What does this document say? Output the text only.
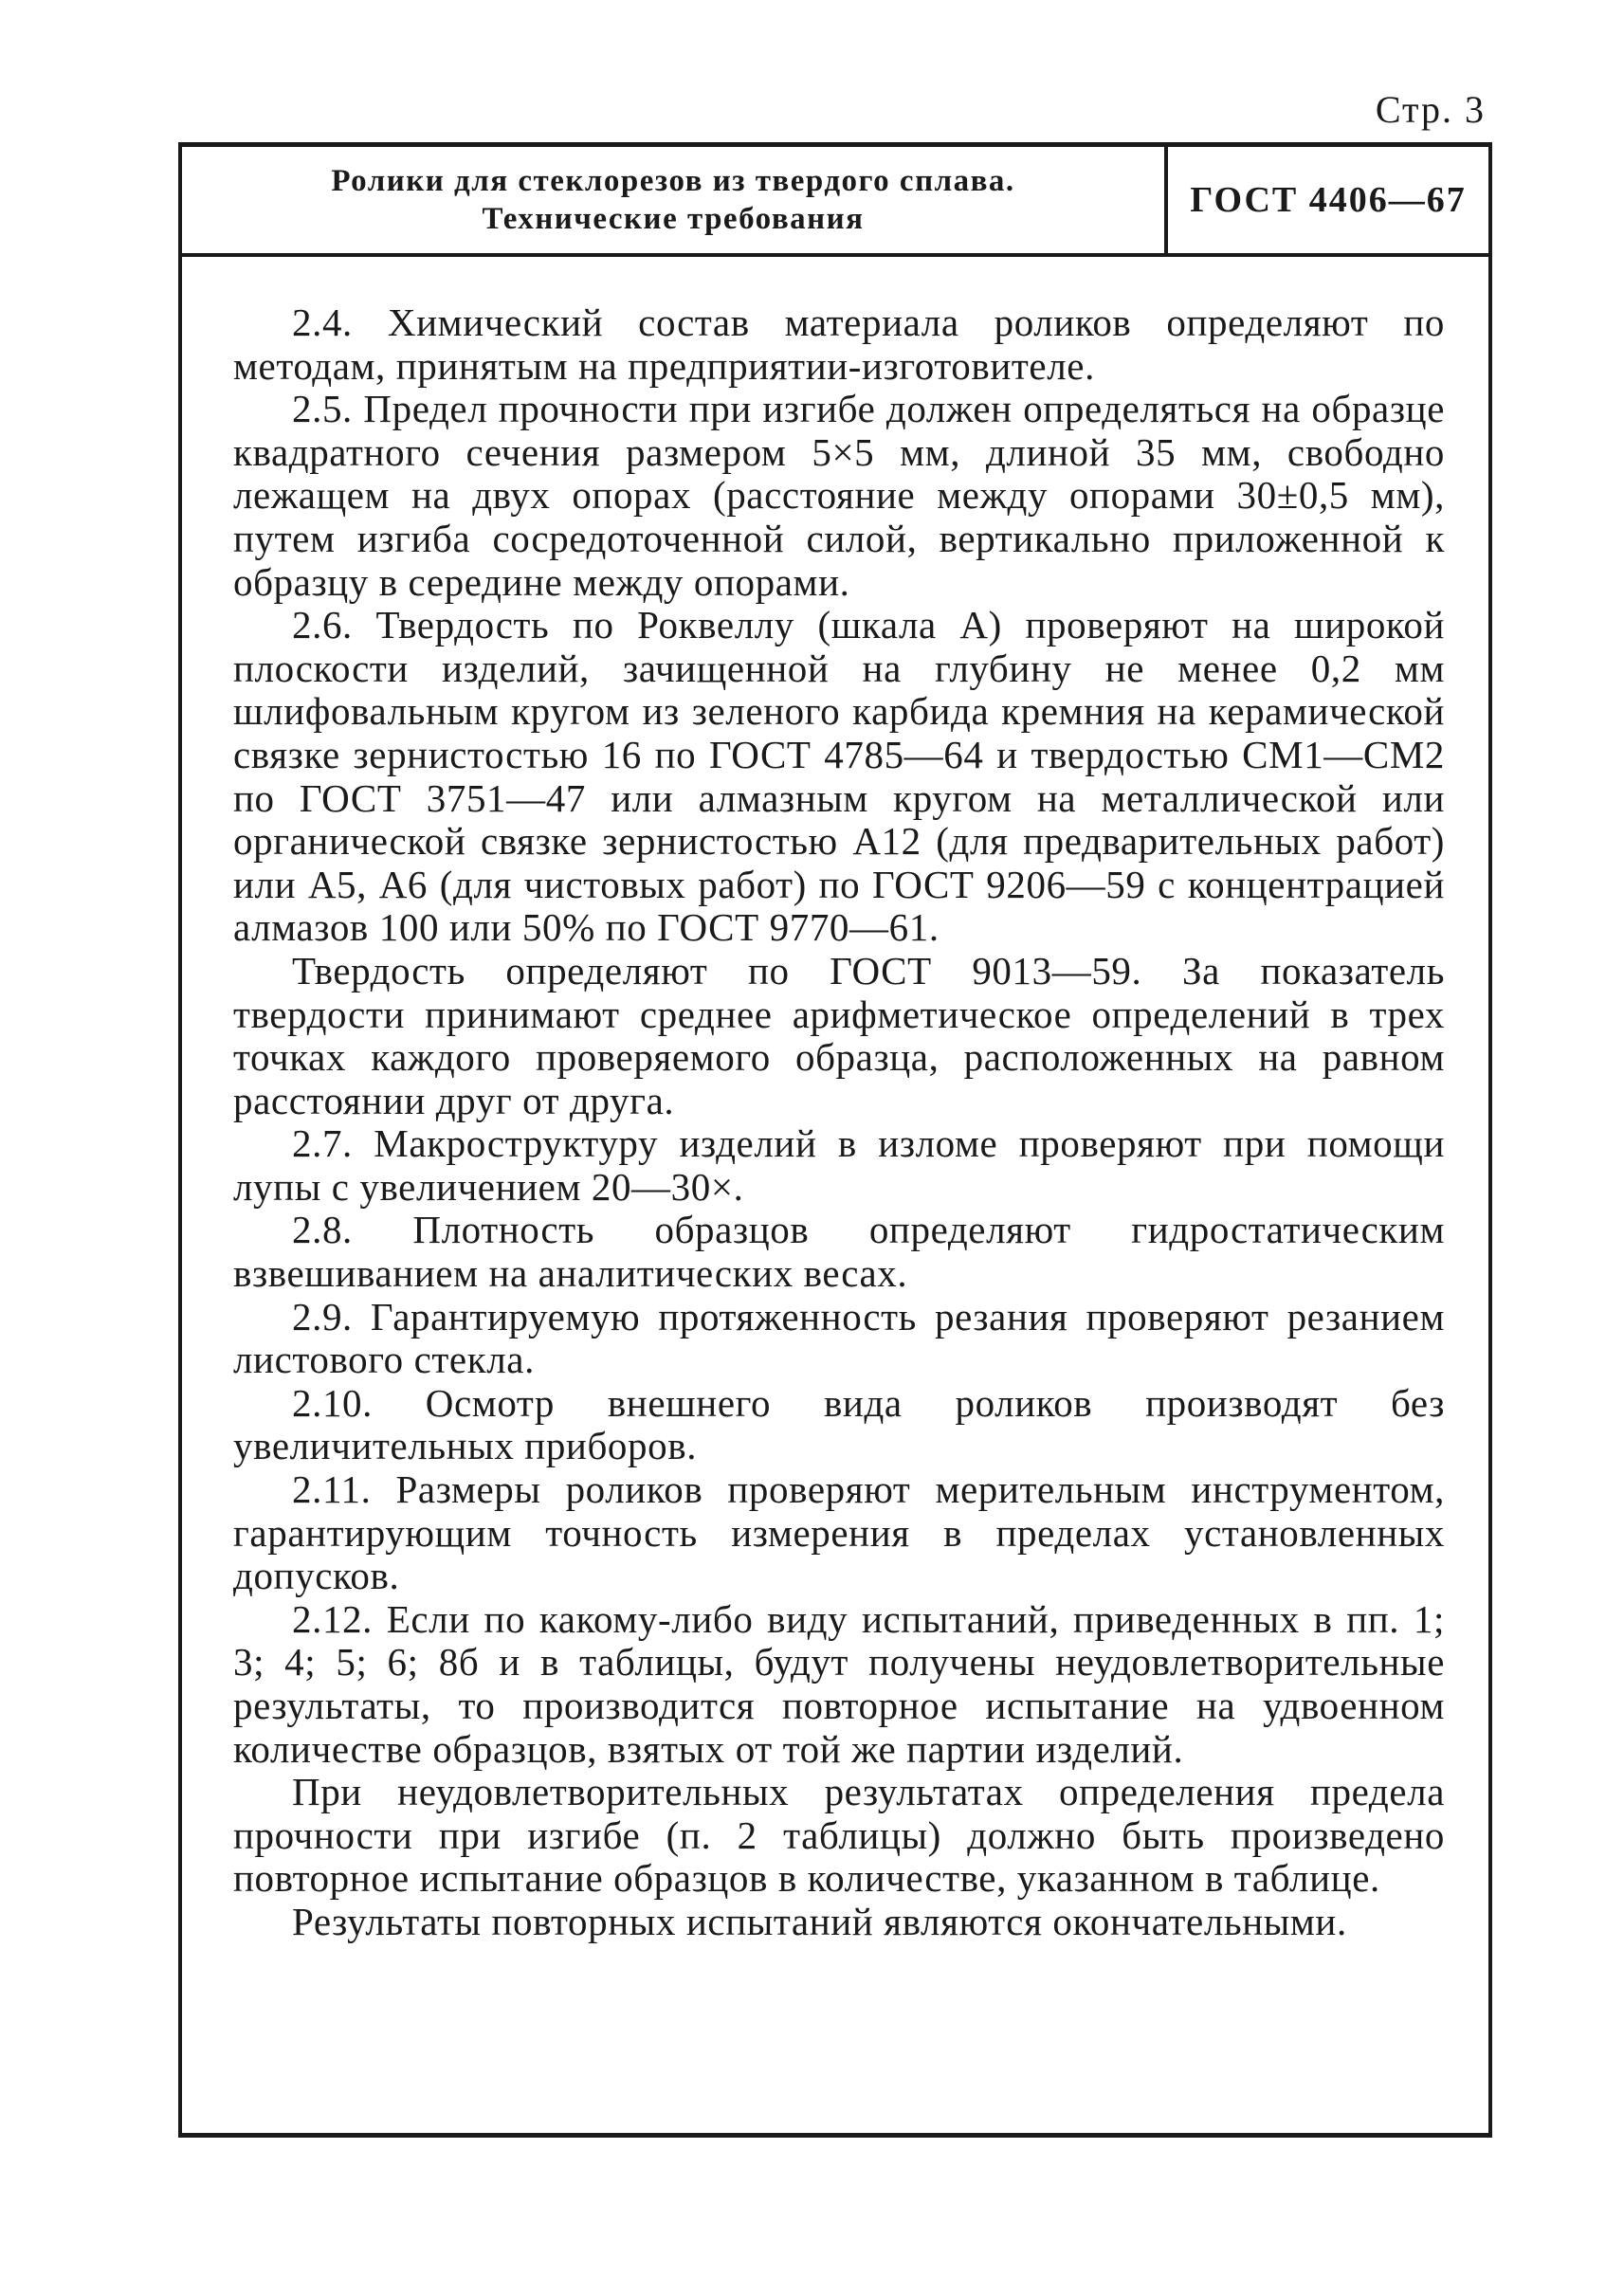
Стр. 3
Ролики для стеклорезов из твердого сплава.
Технические требования	ГОСТ 4406—67

2.4. Химический состав материала роликов определяют по методам, принятым на предприятии-изготовителе.

2.5. Предел прочности при изгибе должен определяться на образце квадратного сечения размером 5×5 мм, длиной 35 мм, свободно лежащем на двух опорах (расстояние между опорами 30±0,5 мм), путем изгиба сосредоточенной силой, вертикально приложенной к образцу в середине между опорами.

2.6. Твердость по Роквеллу (шкала А) проверяют на широкой плоскости изделий, зачищенной на глубину не менее 0,2 мм шлифовальным кругом из зеленого карбида кремния на керамической связке зернистостью 16 по ГОСТ 4785—64 и твердостью СМ1—СМ2 по ГОСТ 3751—47 или алмазным кругом на металлической или органической связке зернистостью А12 (для предварительных работ) или А5, А6 (для чистовых работ) по ГОСТ 9206—59 с концентрацией алмазов 100 или 50% по ГОСТ 9770—61.

Твердость определяют по ГОСТ 9013—59. За показатель твердости принимают среднее арифметическое определений в трех точках каждого проверяемого образца, расположенных на равном расстоянии друг от друга.

2.7. Макроструктуру изделий в изломе проверяют при помощи лупы с увеличением 20—30×.

2.8. Плотность образцов определяют гидростатическим взвешиванием на аналитических весах.

2.9. Гарантируемую протяженность резания проверяют резанием листового стекла.

2.10. Осмотр внешнего вида роликов производят без увеличительных приборов.

2.11. Размеры роликов проверяют мерительным инструментом, гарантирующим точность измерения в пределах установленных допусков.

2.12. Если по какому-либо виду испытаний, приведенных в пп. 1; 3; 4; 5; 6; 8б и в таблицы, будут получены неудовлетворительные результаты, то производится повторное испытание на удвоенном количестве образцов, взятых от той же партии изделий.

При неудовлетворительных результатах определения предела прочности при изгибе (п. 2 таблицы) должно быть произведено повторное испытание образцов в количестве, указанном в таблице.

Результаты повторных испытаний являются окончательными.
